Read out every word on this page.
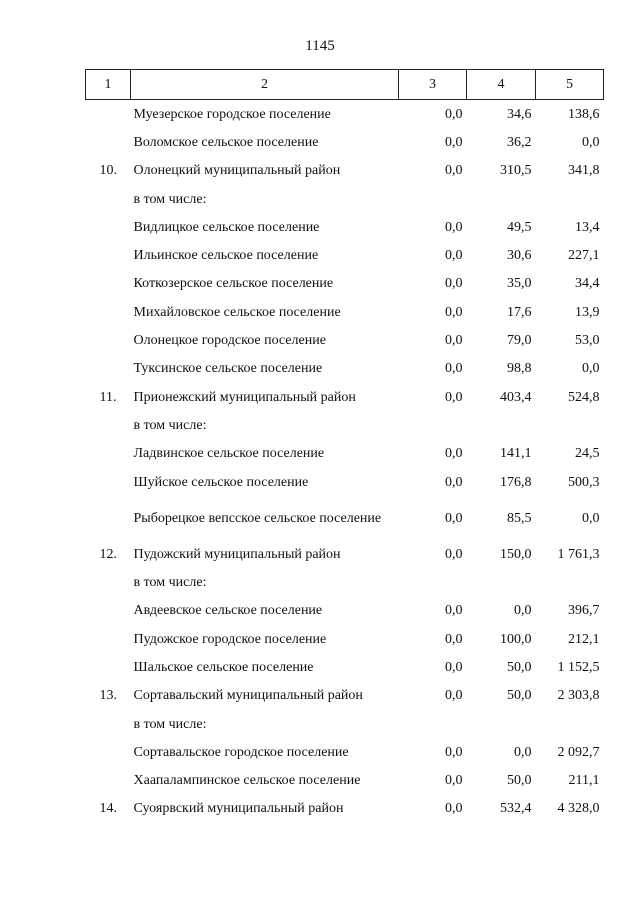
1145
1	2	3	4	5
	Муезерское городское поселение	0,0	34,6	138,6
	Воломское сельское поселение	0,0	36,2	0,0
10.	Олонецкий муниципальный район	0,0	310,5	341,8
	в том числе:			
	Видлицкое сельское поселение	0,0	49,5	13,4
	Ильинское сельское поселение	0,0	30,6	227,1
	Коткозерское сельское поселение	0,0	35,0	34,4
	Михайловское сельское поселение	0,0	17,6	13,9
	Олонецкое городское поселение	0,0	79,0	53,0
	Туксинское сельское поселение	0,0	98,8	0,0
11.	Прионежский муниципальный район	0,0	403,4	524,8
	в том числе:			
	Ладвинское сельское поселение	0,0	141,1	24,5
	Шуйское сельское поселение	0,0	176,8	500,3
	Рыборецкое вепсское сельское поселение	0,0	85,5	0,0
12.	Пудожский муниципальный район	0,0	150,0	1 761,3
	в том числе:			
	Авдеевское сельское поселение	0,0	0,0	396,7
	Пудожское городское поселение	0,0	100,0	212,1
	Шальское сельское поселение	0,0	50,0	1 152,5
13.	Сортавальский муниципальный район	0,0	50,0	2 303,8
	в том числе:			
	Сортавальское городское поселение	0,0	0,0	2 092,7
	Хаапалампинское сельское поселение	0,0	50,0	211,1
14.	Суоярвский муниципальный район	0,0	532,4	4 328,0
